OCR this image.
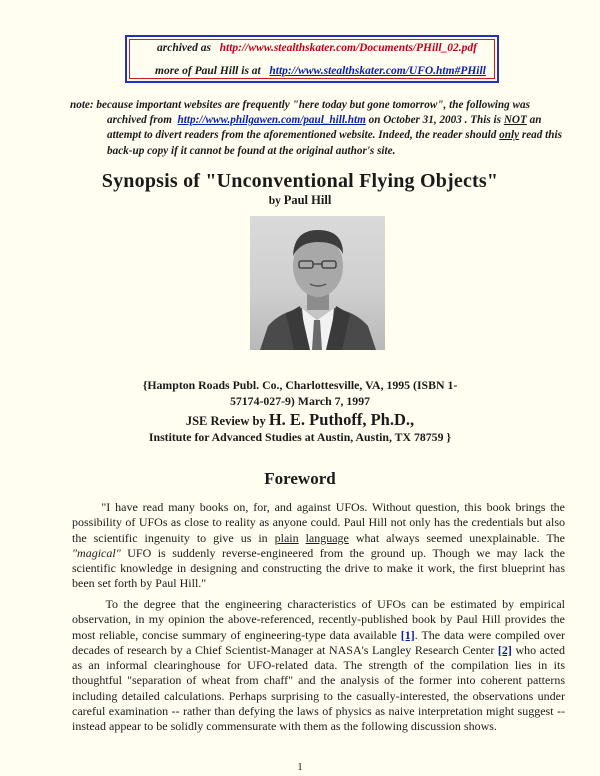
archived as http://www.stealthskater.com/Documents/PHill_02.pdf
more of Paul Hill is at http://www.stealthskater.com/UFO.htm#PHill
note: because important websites are frequently "here today but gone tomorrow", the following was
archived from http://www.philgawen.com/paul_hill.htm on October 31, 2003 . This is NOT an attempt to divert readers from the aforementioned website. Indeed, the reader should only read this back-up copy if it cannot be found at the original author's site.
Synopsis of "Unconventional Flying Objects"
by Paul Hill
{Hampton Roads Publ. Co., Charlottesville, VA, 1995 (ISBN 1-
57174-027-9) March 7, 1997
JSE Review by H. E. Puthoff, Ph.D.,
Institute for Advanced Studies at Austin, Austin, TX 78759 }
Foreword
"I have read many books on, for, and against UFOs. Without question, this book brings the possibility of UFOs as close to reality as anyone could. Paul Hill not only has the credentials but also the scientific ingenuity to give us in plain language what always seemed unexplainable. The "magical" UFO is suddenly reverse-engineered from the ground up. Though we may lack the scientific knowledge in designing and constructing the drive to make it work, the first blueprint has been set forth by Paul Hill."
To the degree that the engineering characteristics of UFOs can be estimated by empirical observation, in my opinion the above-referenced, recently-published book by Paul Hill provides the most reliable, concise summary of engineering-type data available [1]. The data were compiled over decades of research by a Chief Scientist-Manager at NASA's Langley Research Center [2] who acted as an informal clearinghouse for UFO-related data. The strength of the compilation lies in its thoughtful "separation of wheat from chaff" and the analysis of the former into coherent patterns including detailed calculations. Perhaps surprising to the casually-interested, the observations under careful examination -- rather than defying the laws of physics as naive interpretation might suggest -- instead appear to be solidly commensurate with them as the following discussion shows.
1
